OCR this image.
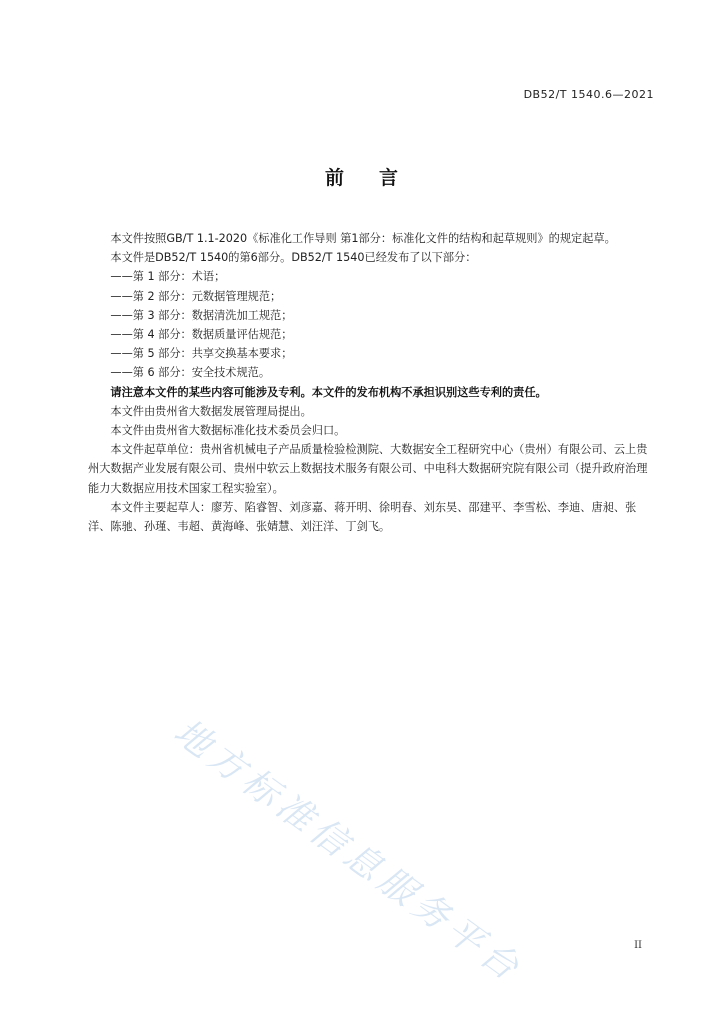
DB52/T 1540.6—2021
前 言

本文件按照GB/T 1.1-2020《标准化工作导则 第1部分：标准化文件的结构和起草规则》的规定起草。

本文件是DB52/T 1540的第6部分。DB52/T 1540已经发布了以下部分：

——第 1 部分：术语；

——第 2 部分：元数据管理规范；

——第 3 部分：数据清洗加工规范；

——第 4 部分：数据质量评估规范；

——第 5 部分：共享交换基本要求；

——第 6 部分：安全技术规范。

请注意本文件的某些内容可能涉及专利。本文件的发布机构不承担识别这些专利的责任。

本文件由贵州省大数据发展管理局提出。

本文件由贵州省大数据标准化技术委员会归口。

本文件起草单位：贵州省机械电子产品质量检验检测院、大数据安全工程研究中心（贵州）有限公司、云上贵州大数据产业发展有限公司、贵州中软云上数据技术服务有限公司、中电科大数据研究院有限公司（提升政府治理能力大数据应用技术国家工程实验室）。

本文件主要起草人：廖芳、陷睿智、刘彦嘉、蒋开明、徐明春、刘东昊、邵建平、李雪松、李迪、唐昶、张洋、陈驰、孙瑾、韦超、黄海峰、张婧慧、刘汪洋、丁剑飞。

地方标准信息服务平台	II
